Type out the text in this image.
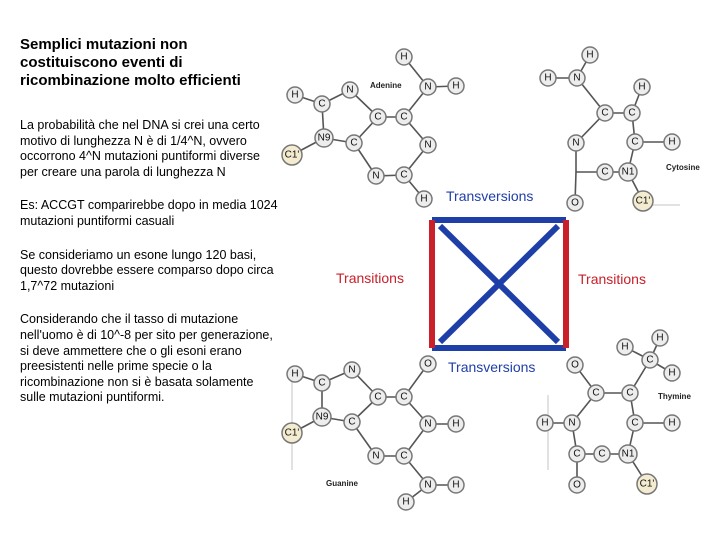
Semplici mutazioni non costituiscono eventi di ricombinazione molto efficienti

La probabilità che nel DNA si crei una certo motivo di lunghezza N è di 1/4^N, ovvero occorrono 4^N mutazioni puntiformi diverse per creare una parola di lunghezza N

Es: ACCGT comparirebbe dopo in media 1024 mutazioni puntiformi casuali

Se consideriamo un esone lungo 120 basi, questo dovrebbe essere comparso dopo circa 1,7^72 mutazioni

Considerando che il tasso di mutazione nell'uomo è di 10^-8 per sito per generazione, si deve ammettere che o gli esoni erano preesistenti nelle prime specie o la ricombinazione non si è basata solamente sulle mutazioni puntiformi.

Transversions
Transversions
Transitions	Transitions
H
C
N
N9 C
C C
H
N H
N
C
N
H
C1'
Adenine
H
H N
C C
H
C	H
N
C N1
O	C1'
Cytosine
H
C
N
N9 C
C C
O
N H
C
N
N H
H
C1'
Guanine
H
H
C
H
O
C	C
C	H
N
H
C C N1
O	C1'
Thymine
